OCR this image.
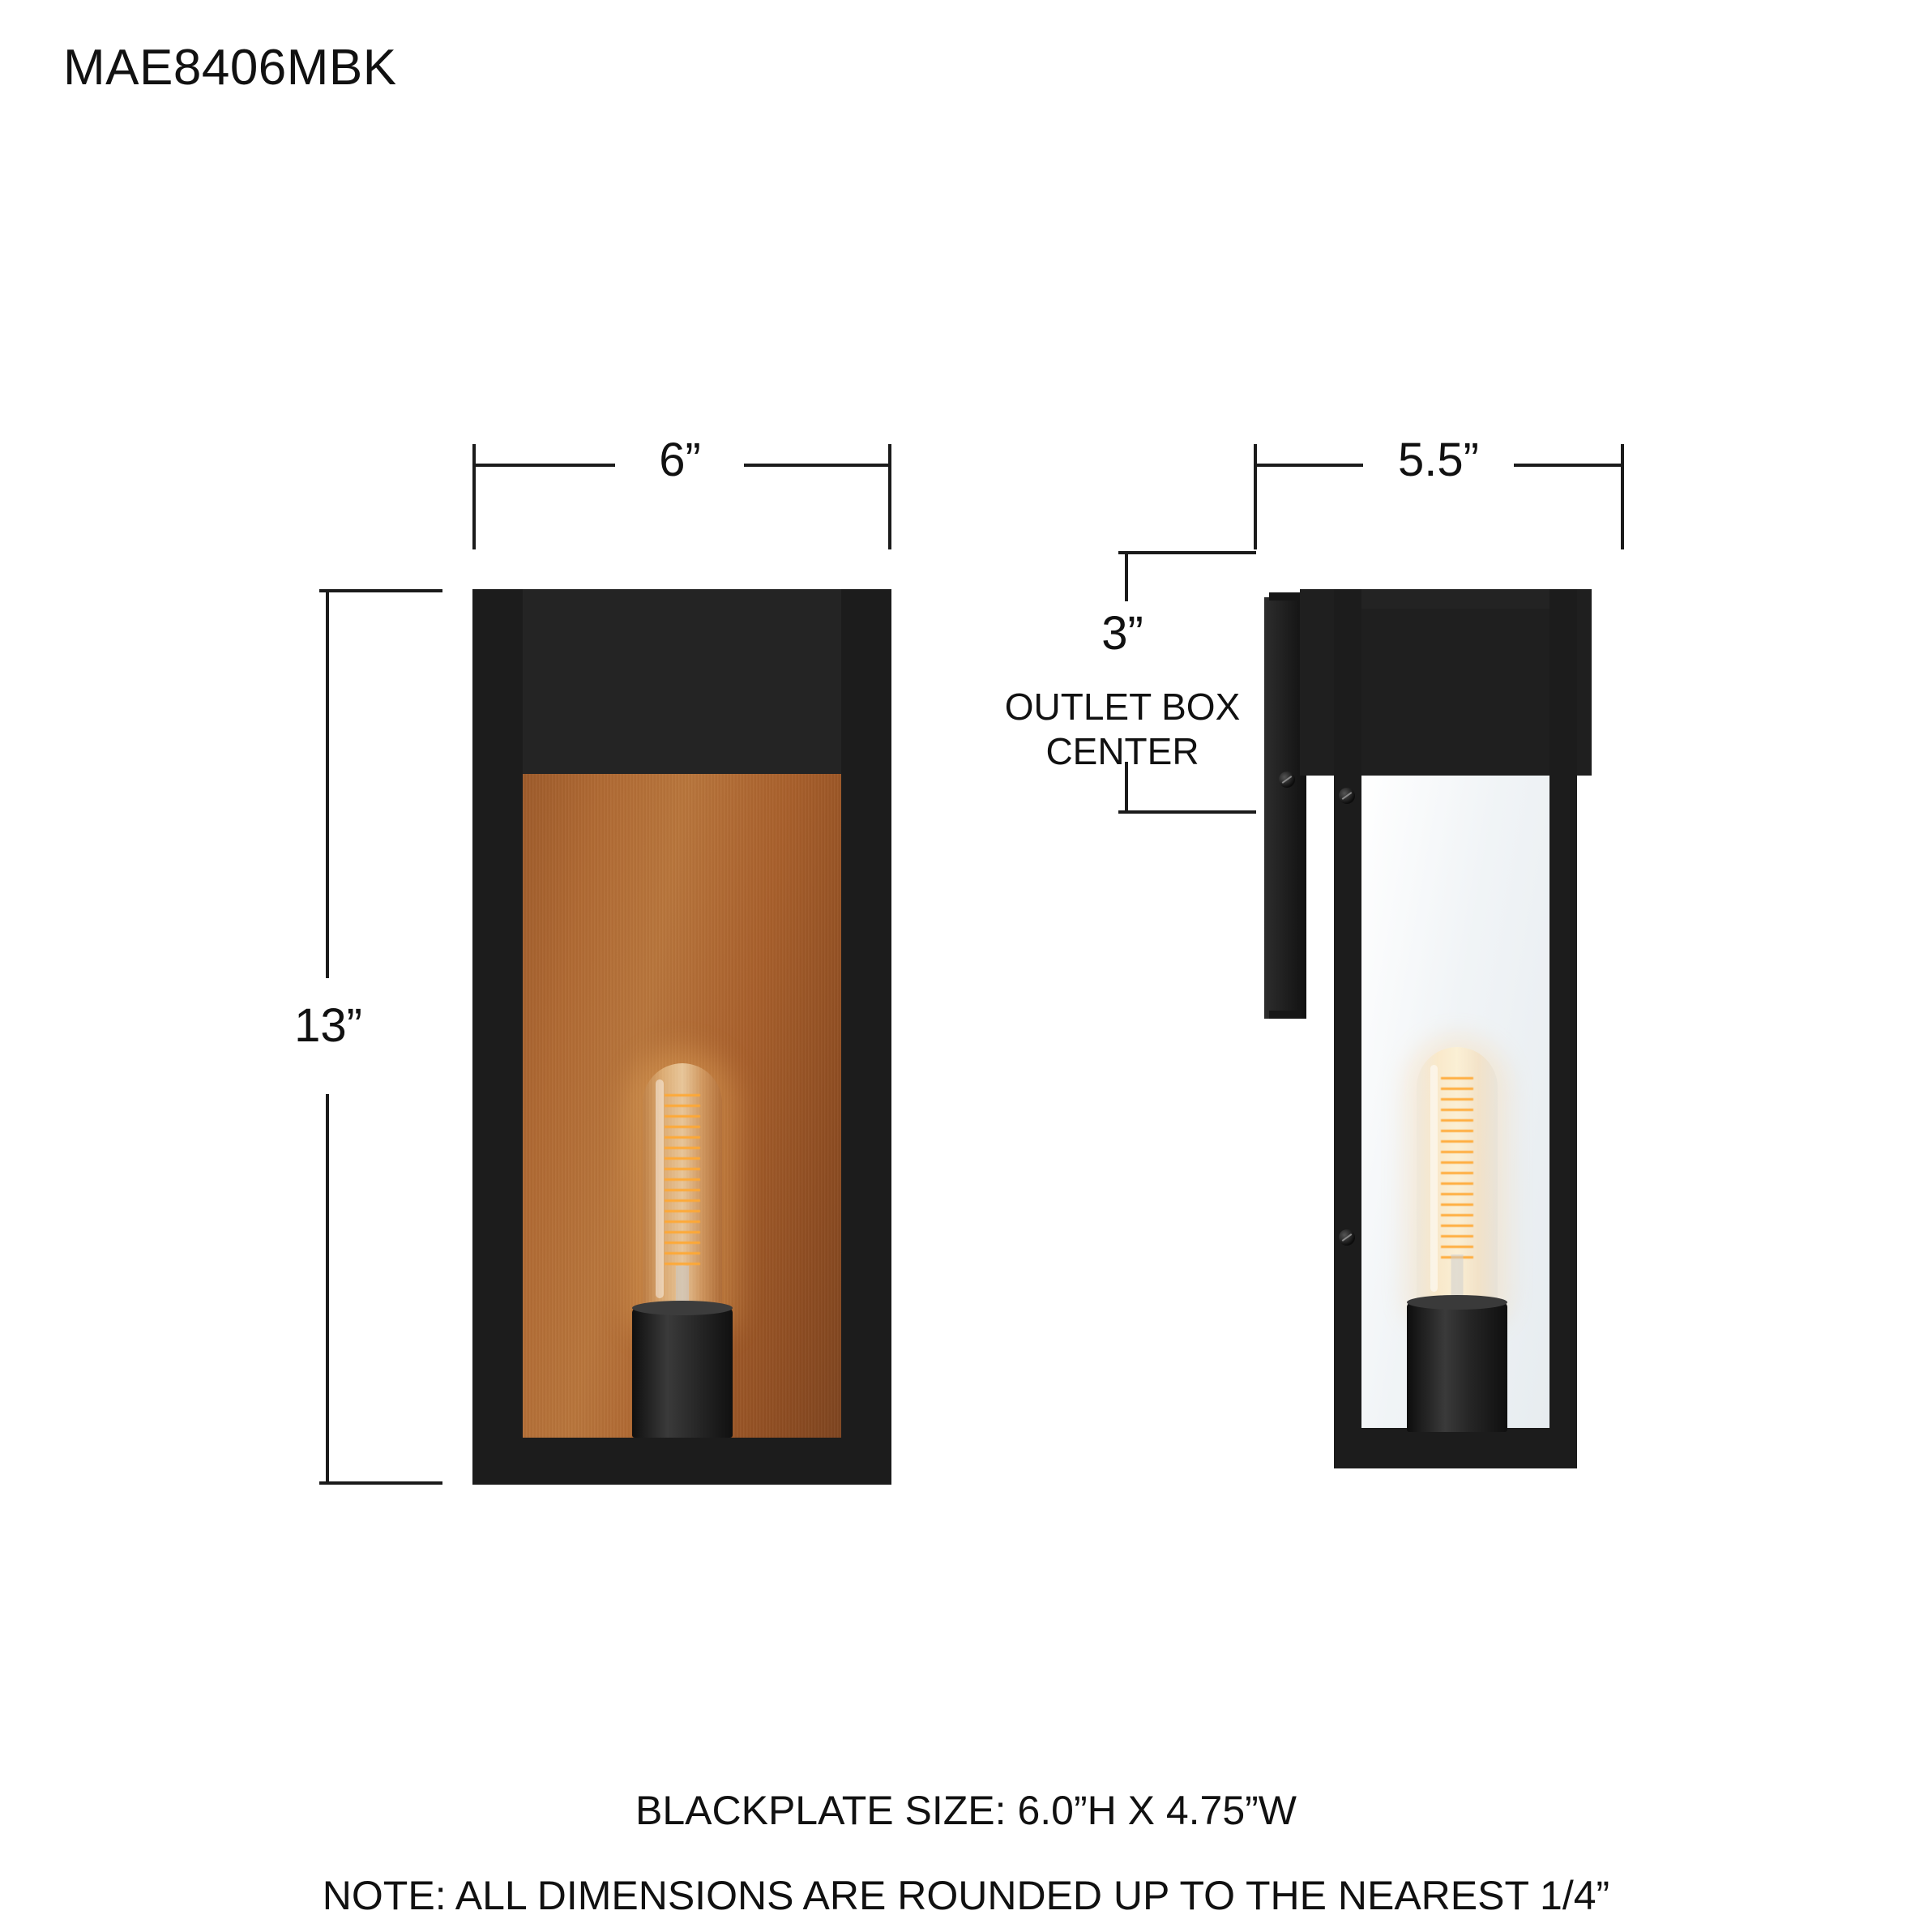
MAE8406MBK
6”
13”
5.5”
3”
OUTLET BOX
CENTER
BLACKPLATE SIZE: 6.0”H X 4.75”W
NOTE: ALL DIMENSIONS ARE ROUNDED UP TO THE NEAREST 1/4”
